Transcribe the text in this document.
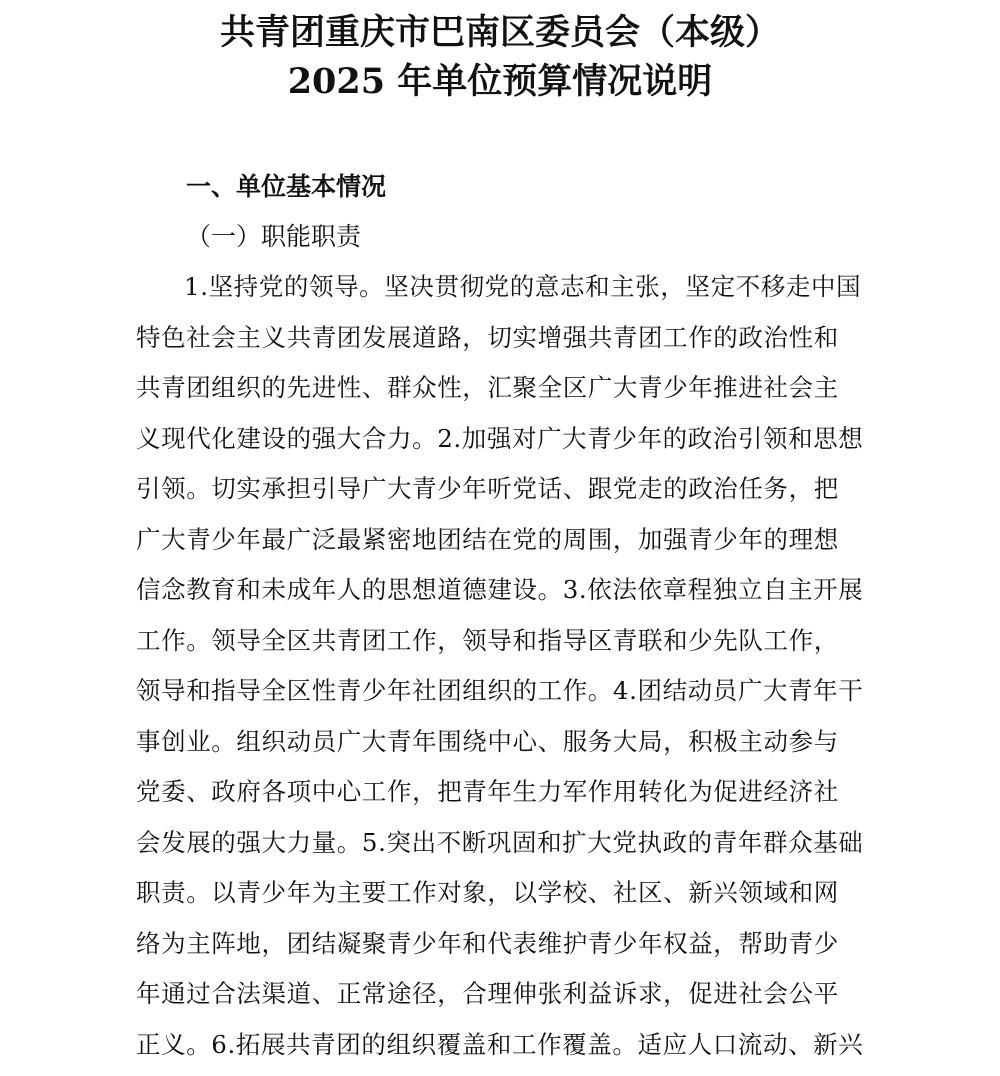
共青团重庆市巴南区委员会（本级）
2025 年单位预算情况说明
一、单位基本情况
（一）职能职责
1.坚持党的领导。坚决贯彻党的意志和主张，坚定不移走中国
特色社会主义共青团发展道路，切实增强共青团工作的政治性和
共青团组织的先进性、群众性，汇聚全区广大青少年推进社会主
义现代化建设的强大合力。2.加强对广大青少年的政治引领和思想
引领。切实承担引导广大青少年听党话、跟党走的政治任务，把
广大青少年最广泛最紧密地团结在党的周围，加强青少年的理想
信念教育和未成年人的思想道德建设。3.依法依章程独立自主开展
工作。领导全区共青团工作，领导和指导区青联和少先队工作，
领导和指导全区性青少年社团组织的工作。4.团结动员广大青年干
事创业。组织动员广大青年围绕中心、服务大局，积极主动参与
党委、政府各项中心工作，把青年生力军作用转化为促进经济社
会发展的强大力量。5.突出不断巩固和扩大党执政的青年群众基础
职责。以青少年为主要工作对象，以学校、社区、新兴领域和网
络为主阵地，团结凝聚青少年和代表维护青少年权益，帮助青少
年通过合法渠道、正常途径，合理伸张利益诉求，促进社会公平
正义。6.拓展共青团的组织覆盖和工作覆盖。适应人口流动、新兴
